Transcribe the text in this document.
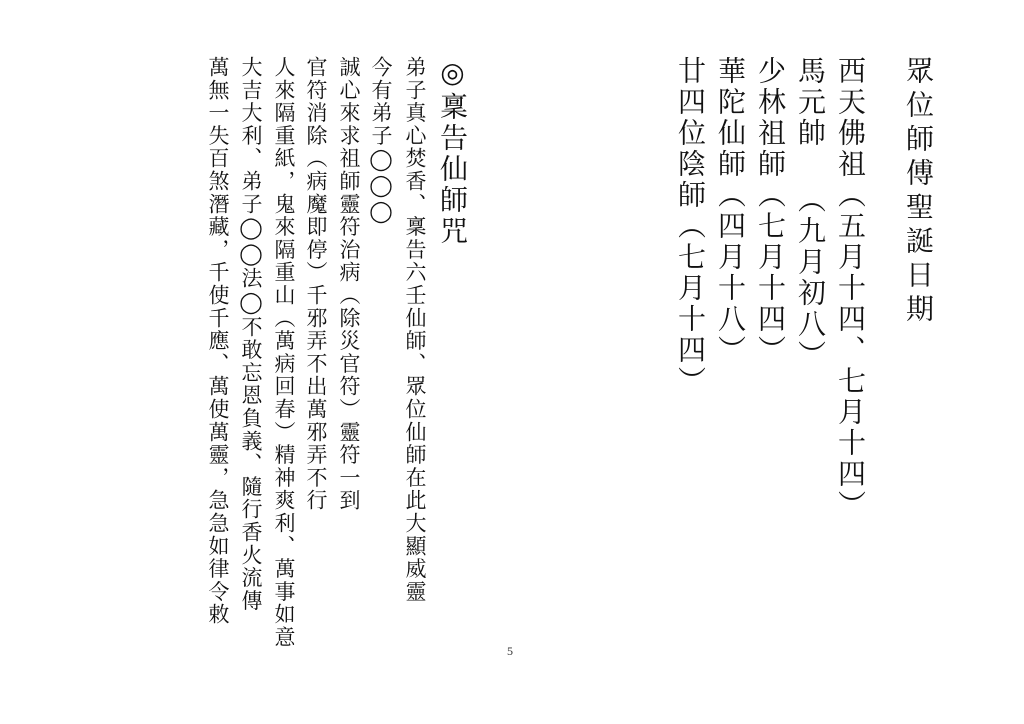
眾位師傅聖誕日期
西天佛祖︵五月十四、七月十四︶
馬元帥 ︵九月初八︶
少林祖師︵七月十四︶
華陀仙師︵四月十八︶
廿四位陰師︵七月十四︶
◎稟告仙師咒
弟子真心焚香、稟告六壬仙師、眾位仙師在此大顯威靈
今有弟子◯◯◯
誠心來求祖師靈符治病︵除災官符︶靈符一到
官符消除︵病魔即停︶千邪弄不出萬邪弄不行
人來隔重紙，鬼來隔重山︵萬病回春︶精神爽利、萬事如意
大吉大利、弟子◯◯法◯不敢忘恩負義、隨行香火流傳
萬無一失百煞潛藏，千使千應、萬使萬靈，急急如律令敕
5
